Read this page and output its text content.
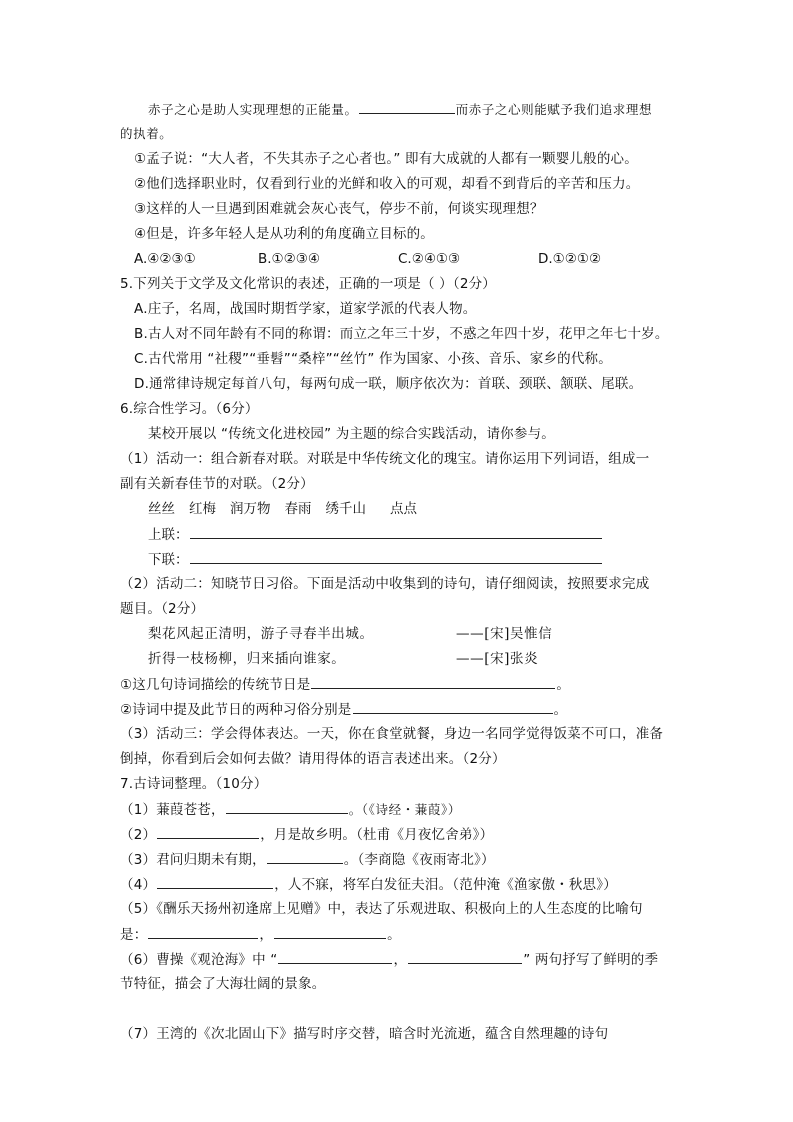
赤子之心是助人实现理想的正能量。	而赤子之心则能赋予我们追求理想
的执着。
①孟子说：“大人者，不失其赤子之心者也。” 即有大成就的人都有一颗婴儿般的心。
②他们选择职业时，仅看到行业的光鲜和收入的可观，却看不到背后的辛苦和压力。
③这样的人一旦遇到困难就会灰心丧气，停步不前，何谈实现理想？
④但是，许多年轻人是从功利的角度确立目标的。
A.④②③①	B.①②③④	C.②④①③	D.①②①②
5.下列关于文学及文化常识的表述，正确的一项是（ ）（2分）
A.庄子，名周，战国时期哲学家，道家学派的代表人物。
B.古人对不同年龄有不同的称谓：而立之年三十岁，不惑之年四十岁，花甲之年七十岁。
C.古代常用 “社稷”“垂髫”“桑梓”“丝竹” 作为国家、小孩、音乐、家乡的代称。
D.通常律诗规定每首八句，每两句成一联，顺序依次为：首联、颈联、颔联、尾联。
6.综合性学习。（6分）
某校开展以 “传统文化进校园” 为主题的综合实践活动，请你参与。
（1）活动一：组合新春对联。对联是中华传统文化的瑰宝。请你运用下列词语，组成一
副有关新春佳节的对联。（2分）
丝丝 红梅 润万物 春雨 绣千山 点点
上联：
下联：
（2）活动二：知晓节日习俗。下面是活动中收集到的诗句，请仔细阅读，按照要求完成
题目。（2分）
梨花风起正清明，游子寻春半出城。	——[宋]吴惟信
折得一枝杨柳，归来插向谁家。	——[宋]张炎
①这几句诗词描绘的传统节日是	。
②诗词中提及此节日的两种习俗分别是	。
（3）活动三：学会得体表达。一天，你在食堂就餐，身边一名同学觉得饭菜不可口，准备
倒掉，你看到后会如何去做？请用得体的语言表述出来。（2分）
7.古诗词整理。（10分）
（1）蒹葭苍苍，	。（《诗经・蒹葭》）
（2）	，月是故乡明。（杜甫《月夜忆舍弟》）
（3）君问归期未有期，	。（李商隐《夜雨寄北》）
（4）	，人不寐，将军白发征夫泪。（范仲淹《渔家傲・秋思》）
（5）《酬乐天扬州初逢席上见赠》中，表达了乐观进取、积极向上的人生态度的比喻句
是：	，	。
（6）曹操《观沧海》中 “	，	” 两句抒写了鲜明的季
节特征，描会了大海壮阔的景象。
（7）王湾的《次北固山下》描写时序交替，暗含时光流逝，蕴含自然理趣的诗句
